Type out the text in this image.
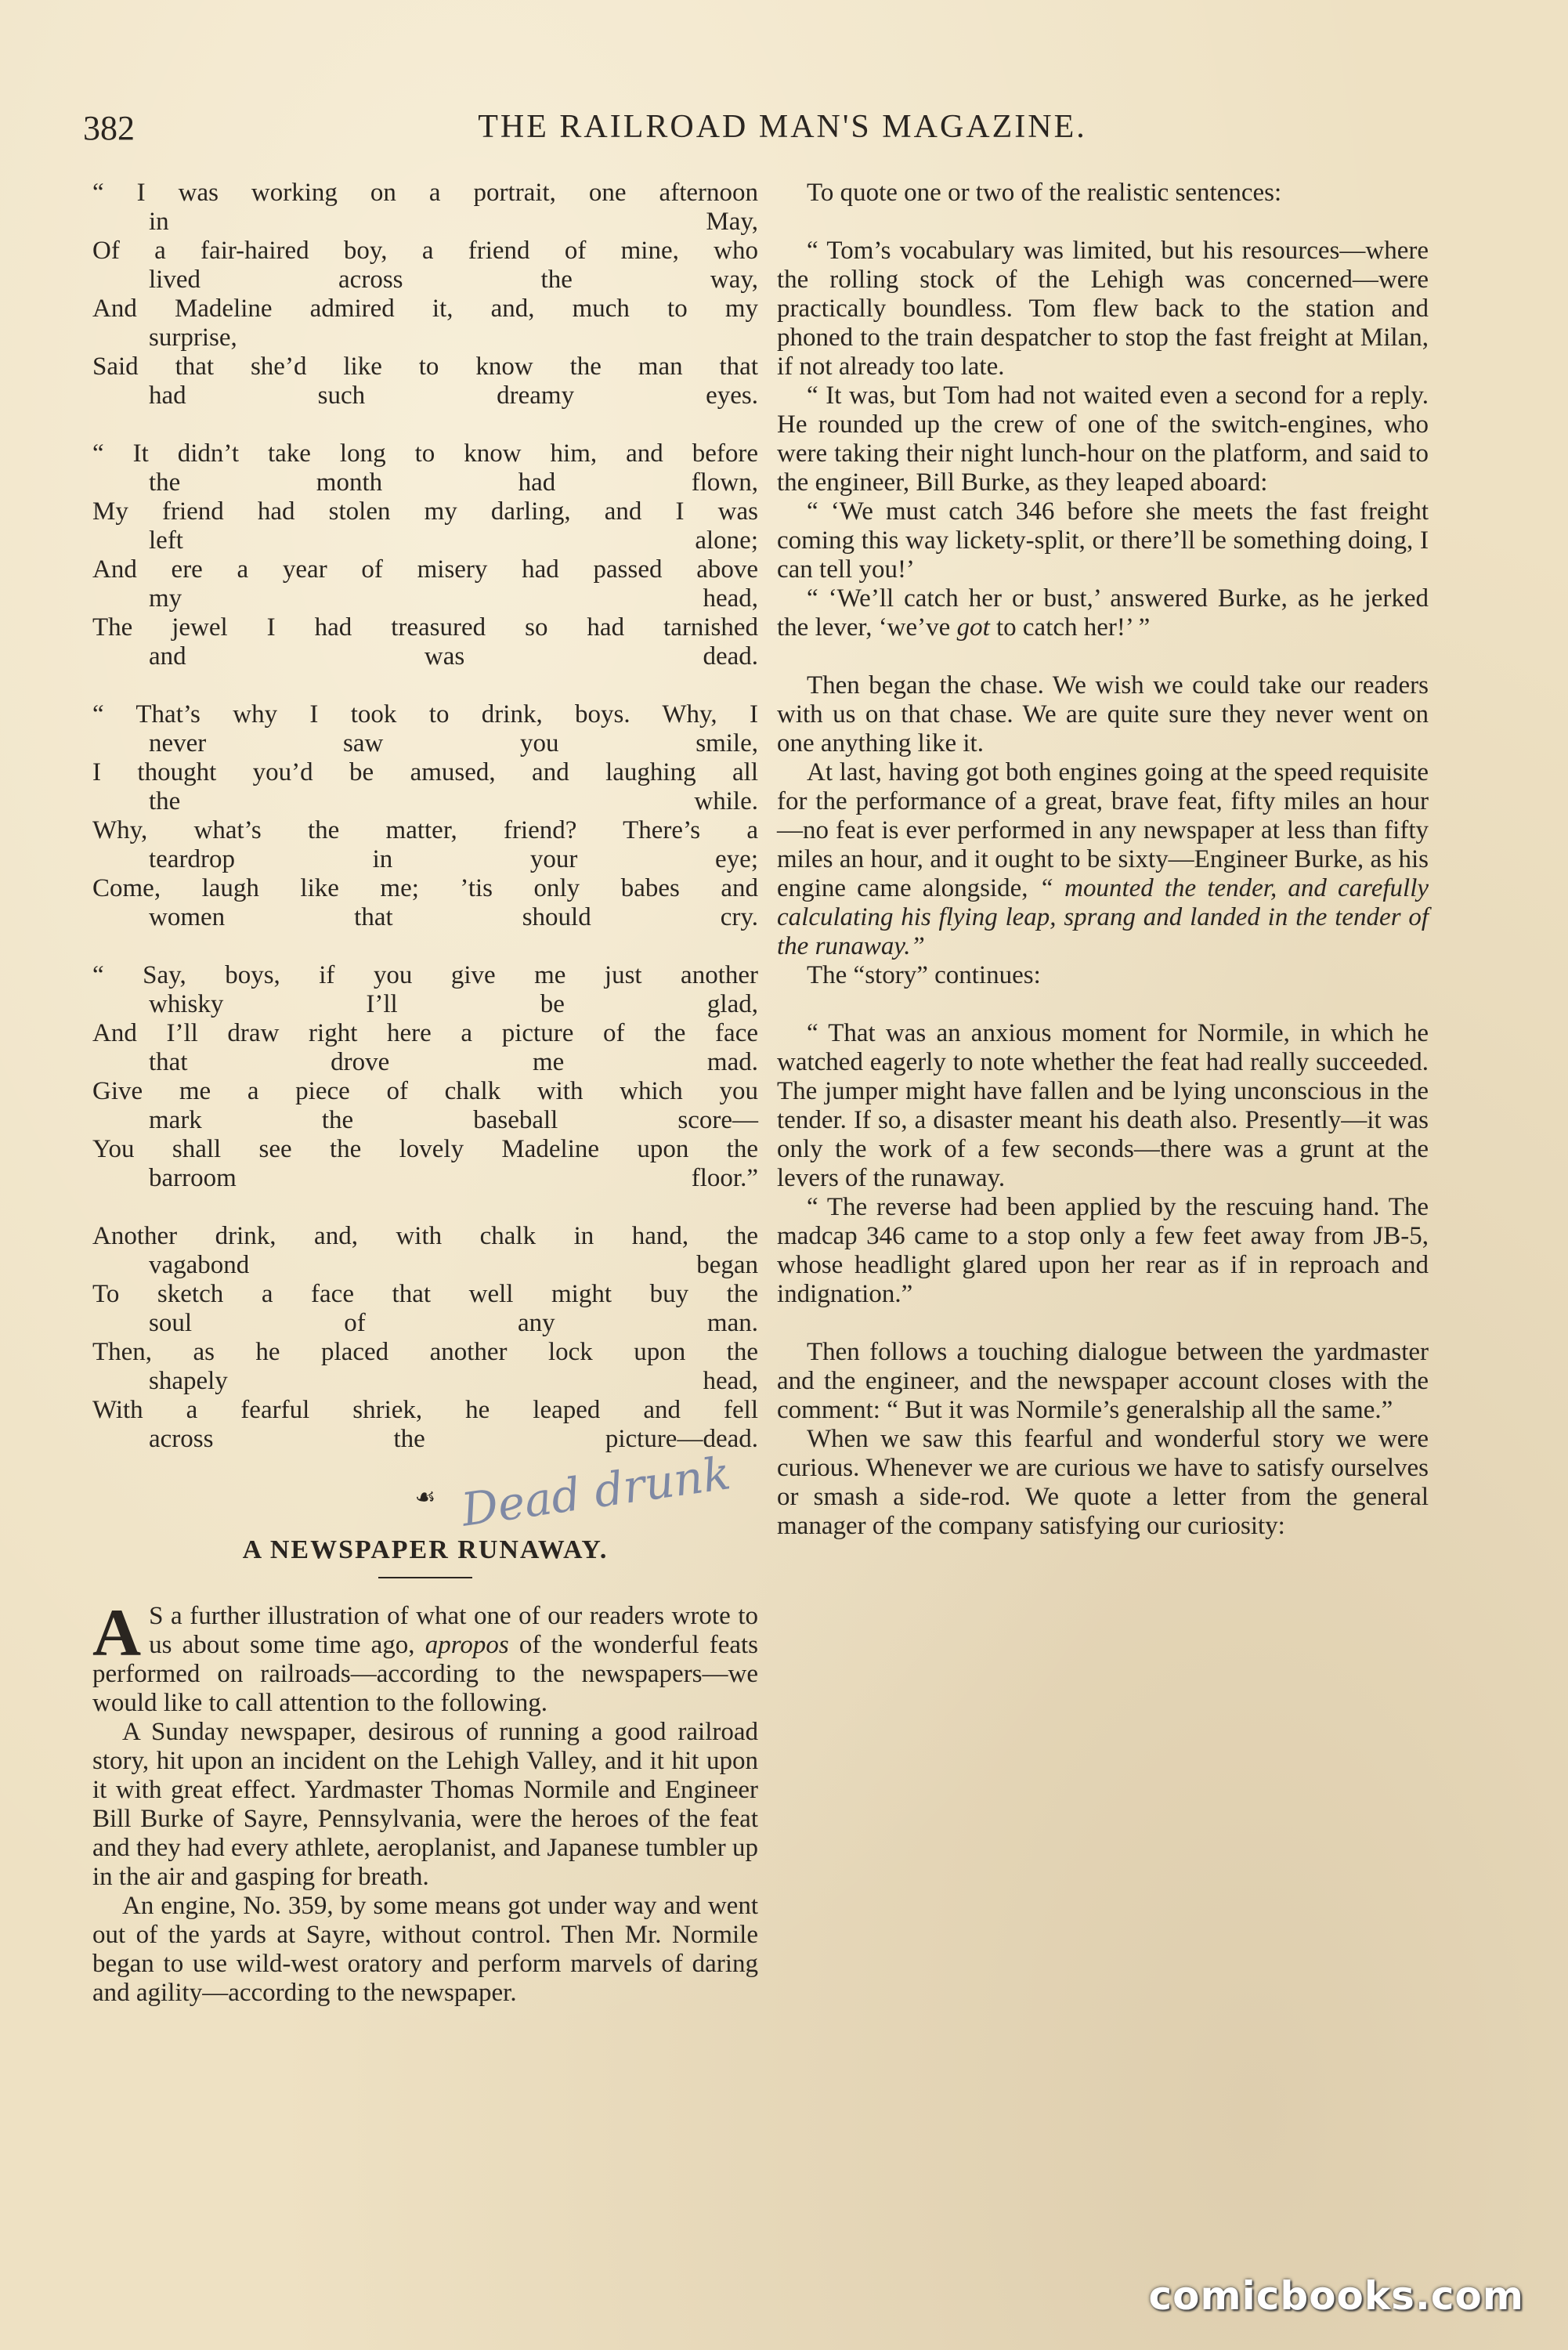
382	THE RAILROAD MAN'S MAGAZINE.
“ I was working on a portrait, one afternoon
in May,
Of a fair-haired boy, a friend of mine, who
lived across the way,
And Madeline admired it, and, much to my
surprise,
Said that she’d like to know the man that
had such dreamy eyes.
“ It didn’t take long to know him, and before
the month had flown,
My friend had stolen my darling, and I was
left alone;
And ere a year of misery had passed above
my head,
The jewel I had treasured so had tarnished
and was dead.
“ That’s why I took to drink, boys. Why, I
never saw you smile,
I thought you’d be amused, and laughing all
the while.
Why, what’s the matter, friend? There’s a
teardrop in your eye;
Come, laugh like me; ’tis only babes and
women that should cry.
“ Say, boys, if you give me just another
whisky I’ll be glad,
And I’ll draw right here a picture of the face
that drove me mad.
Give me a piece of chalk with which you
mark the baseball score—
You shall see the lovely Madeline upon the
barroom floor.”
Another drink, and, with chalk in hand, the
vagabond began
To sketch a face that well might buy the
soul of any man.
Then, as he placed another lock upon the
shapely head,
With a fearful shriek, he leaped and fell
across the picture—dead.
☙
A NEWSPAPER RUNAWAY.

A S a further illustration of what one of our readers wrote to us about some time ago, apropos of the wonderful feats performed on railroads—according to the newspapers—we would like to call attention to the following.

A Sunday newspaper, desirous of running a good railroad story, hit upon an incident on the Lehigh Valley, and it hit upon it with great effect. Yardmaster Thomas Normile and Engineer Bill Burke of Sayre, Pennsylvania, were the heroes of the feat and they had every athlete, aeroplanist, and Japanese tumbler up in the air and gasping for breath.

An engine, No. 359, by some means got under way and went out of the yards at Sayre, without control. Then Mr. Normile began to use wild-west oratory and perform marvels of daring and agility—according to the newspaper.

Dead drunk

To quote one or two of the realistic sentences:

“ Tom’s vocabulary was limited, but his resources—where the rolling stock of the Lehigh was concerned—were practically boundless. Tom flew back to the station and phoned to the train despatcher to stop the fast freight at Milan, if not already too late.

“ It was, but Tom had not waited even a second for a reply. He rounded up the crew of one of the switch-engines, who were taking their night lunch-hour on the platform, and said to the engineer, Bill Burke, as they leaped aboard:

“ ‘We must catch 346 before she meets the fast freight coming this way lickety-split, or there’ll be something doing, I can tell you!’

“ ‘We’ll catch her or bust,’ answered Burke, as he jerked the lever, ‘we’ve got to catch her!’ ”

Then began the chase. We wish we could take our readers with us on that chase. We are quite sure they never went on one anything like it.

At last, having got both engines going at the speed requisite for the performance of a great, brave feat, fifty miles an hour—no feat is ever performed in any newspaper at less than fifty miles an hour, and it ought to be sixty—Engineer Burke, as his engine came alongside, “ mounted the tender, and carefully calculating his flying leap, sprang and landed in the tender of the runaway.”

The “story” continues:

“ That was an anxious moment for Normile, in which he watched eagerly to note whether the feat had really succeeded. The jumper might have fallen and be lying unconscious in the tender. If so, a disaster meant his death also. Presently—it was only the work of a few seconds—there was a grunt at the levers of the runaway.

“ The reverse had been applied by the rescuing hand. The madcap 346 came to a stop only a few feet away from JB-5, whose headlight glared upon her rear as if in reproach and indignation.”

Then follows a touching dialogue between the yardmaster and the engineer, and the newspaper account closes with the comment: “ But it was Normile’s generalship all the same.”

When we saw this fearful and wonderful story we were curious. Whenever we are curious we have to satisfy ourselves or smash a side-rod. We quote a letter from the general manager of the company satisfying our curiosity:

comicbooks.com
